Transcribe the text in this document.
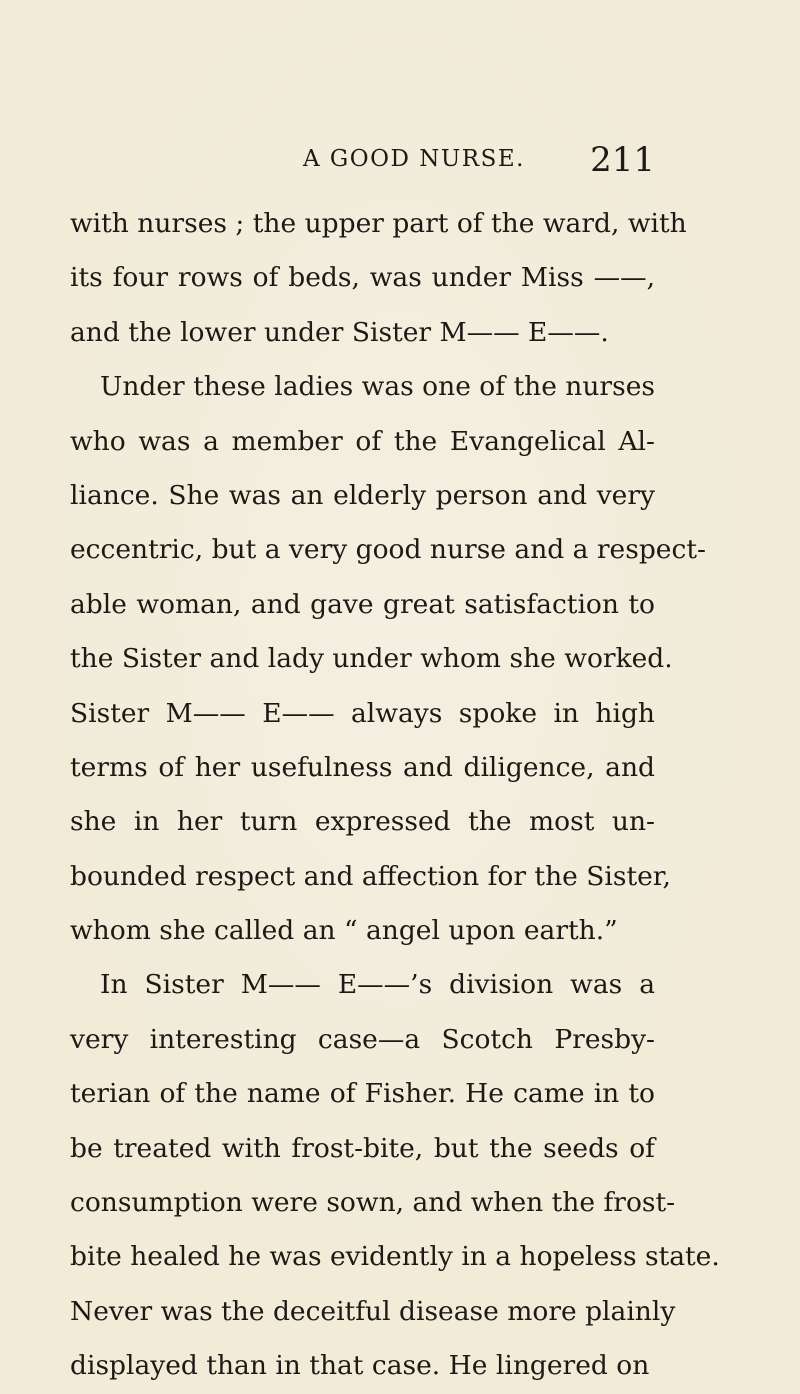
A GOOD NURSE. 211
with nurses ; the upper part of the ward, with
its four rows of beds, was under Miss ——,
and the lower under Sister M—— E——.
Under these ladies was one of the nurses
who was a member of the Evangelical Al-
liance. She was an elderly person and very
eccentric, but a very good nurse and a respect-
able woman, and gave great satisfaction to
the Sister and lady under whom she worked.
Sister M—— E—— always spoke in high
terms of her usefulness and diligence, and
she in her turn expressed the most un-
bounded respect and affection for the Sister,
whom she called an “ angel upon earth.”
In Sister M—— E——’s division was a
very interesting case—a Scotch Presby-
terian of the name of Fisher. He came in to
be treated with frost-bite, but the seeds of
consumption were sown, and when the frost-
bite healed he was evidently in a hopeless state.
Never was the deceitful disease more plainly
displayed than in that case. He lingered on
